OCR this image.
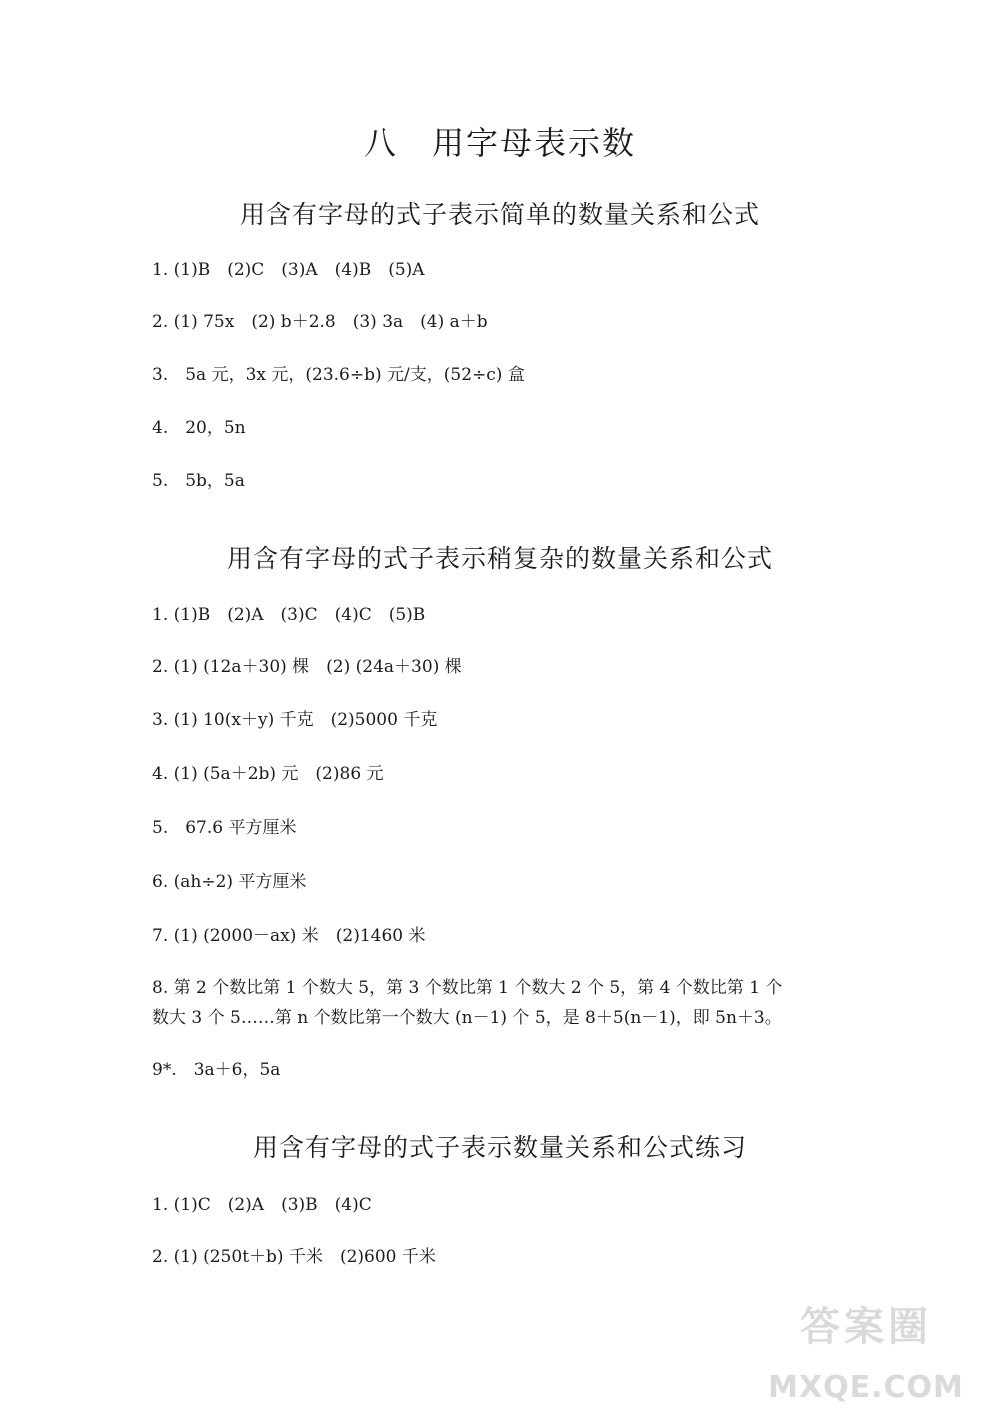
八　用字母表示数
用含有字母的式子表示简单的数量关系和公式
1. (1)B　(2)C　(3)A　(4)B　(5)A
2. (1) 75x　(2) b＋2.8　(3) 3a　(4) a＋b
3.　5a 元，3x 元，(23.6÷b) 元/支，(52÷c) 盒
4.　20，5n
5.　5b，5a
用含有字母的式子表示稍复杂的数量关系和公式
1. (1)B　(2)A　(3)C　(4)C　(5)B
2. (1) (12a＋30) 棵　(2) (24a＋30) 棵
3. (1) 10(x＋y) 千克　(2)5000 千克
4. (1) (5a＋2b) 元　(2)86 元
5.　67.6 平方厘米
6. (ah÷2) 平方厘米
7. (1) (2000－ax) 米　(2)1460 米
8. 第 2 个数比第 1 个数大 5，第 3 个数比第 1 个数大 2 个 5，第 4 个数比第 1 个
数大 3 个 5……第 n 个数比第一个数大 (n－1) 个 5，是 8＋5(n－1)，即 5n＋3。
9*.　3a＋6，5a
用含有字母的式子表示数量关系和公式练习
1. (1)C　(2)A　(3)B　(4)C
2. (1) (250t＋b) 千米　(2)600 千米
答案圈
MXQE.COM
